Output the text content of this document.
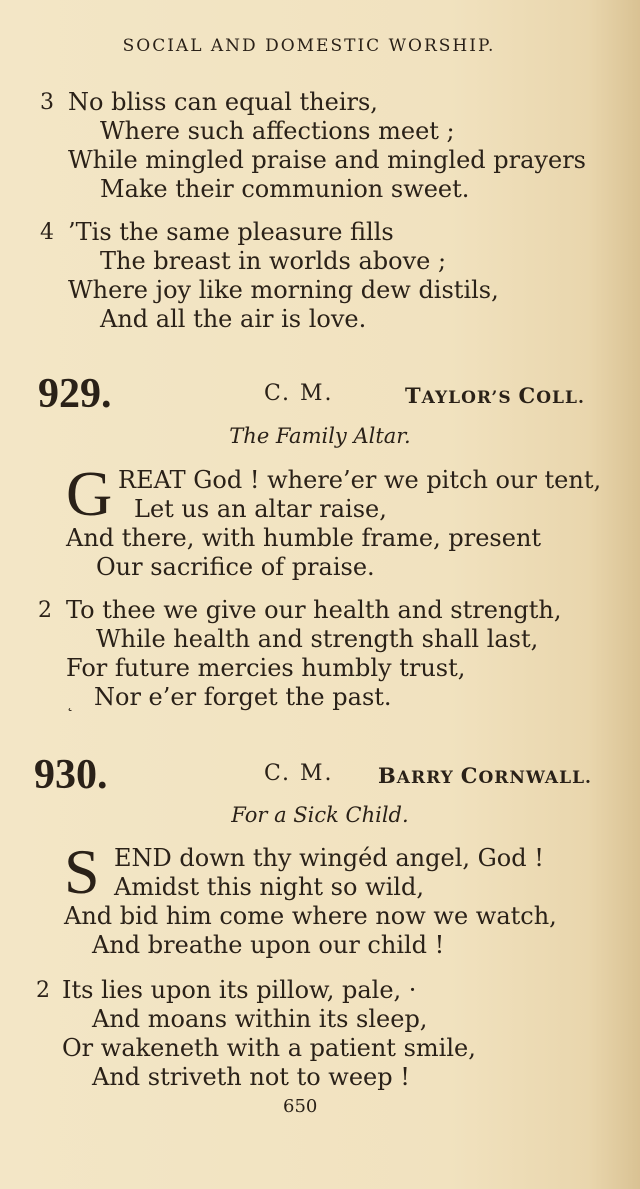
SOCIAL AND DOMESTIC WORSHIP.
3 No bliss can equal theirs,
Where such affections meet ;
While mingled praise and mingled prayers
Make their communion sweet.
4 ’Tis the same pleasure fills
The breast in worlds above ;
Where joy like morning dew distils,
And all the air is love.
929.	C. M.	TAYLOR’S COLL.
The Family Altar.
G REAT God ! where’er we pitch our tent,
Let us an altar raise,
And there, with humble frame, present
Our sacrifice of praise.
2 To thee we give our health and strength,
While health and strength shall last,
For future mercies humbly trust,
˛ Nor e’er forget the past.
930.	C. M. BARRY CORNWALL.
For a Sick Child.
S END down thy wingéd angel, God !
Amidst this night so wild,
And bid him come where now we watch,
And breathe upon our child !
2 Its lies upon its pillow, pale, ·
And moans within its sleep,
Or wakeneth with a patient smile,
And striveth not to weep !
650
